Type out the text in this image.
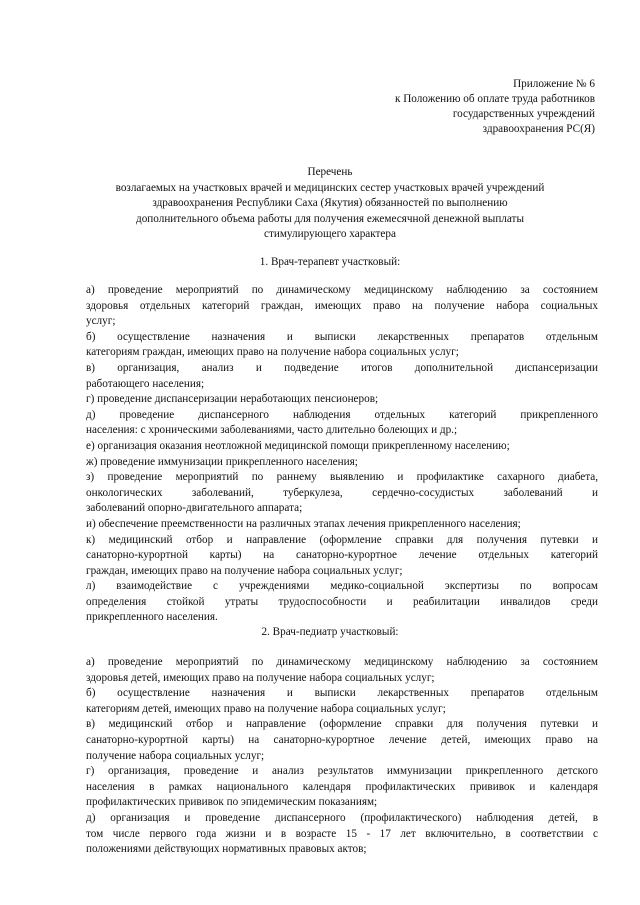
Приложение № 6
к Положению об оплате труда работников
государственных учреждений
здравоохранения РС(Я)
Перечень
возлагаемых на участковых врачей и медицинских сестер участковых врачей учреждений
здравоохранения Республики Саха (Якутия) обязанностей по выполнению
дополнительного объема работы для получения ежемесячной денежной выплаты
стимулирующего характера
1. Врач-терапевт участковый:
а) проведение мероприятий по динамическому медицинскому наблюдению за состоянием
здоровья отдельных категорий граждан, имеющих право на получение набора социальных
услуг;
б) осуществление назначения и выписки лекарственных препаратов отдельным
категориям граждан, имеющих право на получение набора социальных услуг;
в) организация, анализ и подведение итогов дополнительной диспансеризации
работающего населения;
г) проведение диспансеризации неработающих пенсионеров;
д) проведение диспансерного наблюдения отдельных категорий прикрепленного
населения: с хроническими заболеваниями, часто длительно болеющих и др.;
е) организация оказания неотложной медицинской помощи прикрепленному населению;
ж) проведение иммунизации прикрепленного населения;
з) проведение мероприятий по раннему выявлению и профилактике сахарного диабета,
онкологических заболеваний, туберкулеза, сердечно-сосудистых заболеваний и
заболеваний опорно-двигательного аппарата;
и) обеспечение преемственности на различных этапах лечения прикрепленного населения;
к) медицинский отбор и направление (оформление справки для получения путевки и
санаторно-курортной карты) на санаторно-курортное лечение отдельных категорий
граждан, имеющих право на получение набора социальных услуг;
л) взаимодействие с учреждениями медико-социальной экспертизы по вопросам
определения стойкой утраты трудоспособности и реабилитации инвалидов среди
прикрепленного населения.
2. Врач-педиатр участковый:
а) проведение мероприятий по динамическому медицинскому наблюдению за состоянием
здоровья детей, имеющих право на получение набора социальных услуг;
б) осуществление назначения и выписки лекарственных препаратов отдельным
категориям детей, имеющих право на получение набора социальных услуг;
в) медицинский отбор и направление (оформление справки для получения путевки и
санаторно-курортной карты) на санаторно-курортное лечение детей, имеющих право на
получение набора социальных услуг;
г) организация, проведение и анализ результатов иммунизации прикрепленного детского
населения в рамках национального календаря профилактических прививок и календаря
профилактических прививок по эпидемическим показаниям;
д) организация и проведение диспансерного (профилактического) наблюдения детей, в
том числе первого года жизни и в возрасте 15 - 17 лет включительно, в соответствии с
положениями действующих нормативных правовых актов;
